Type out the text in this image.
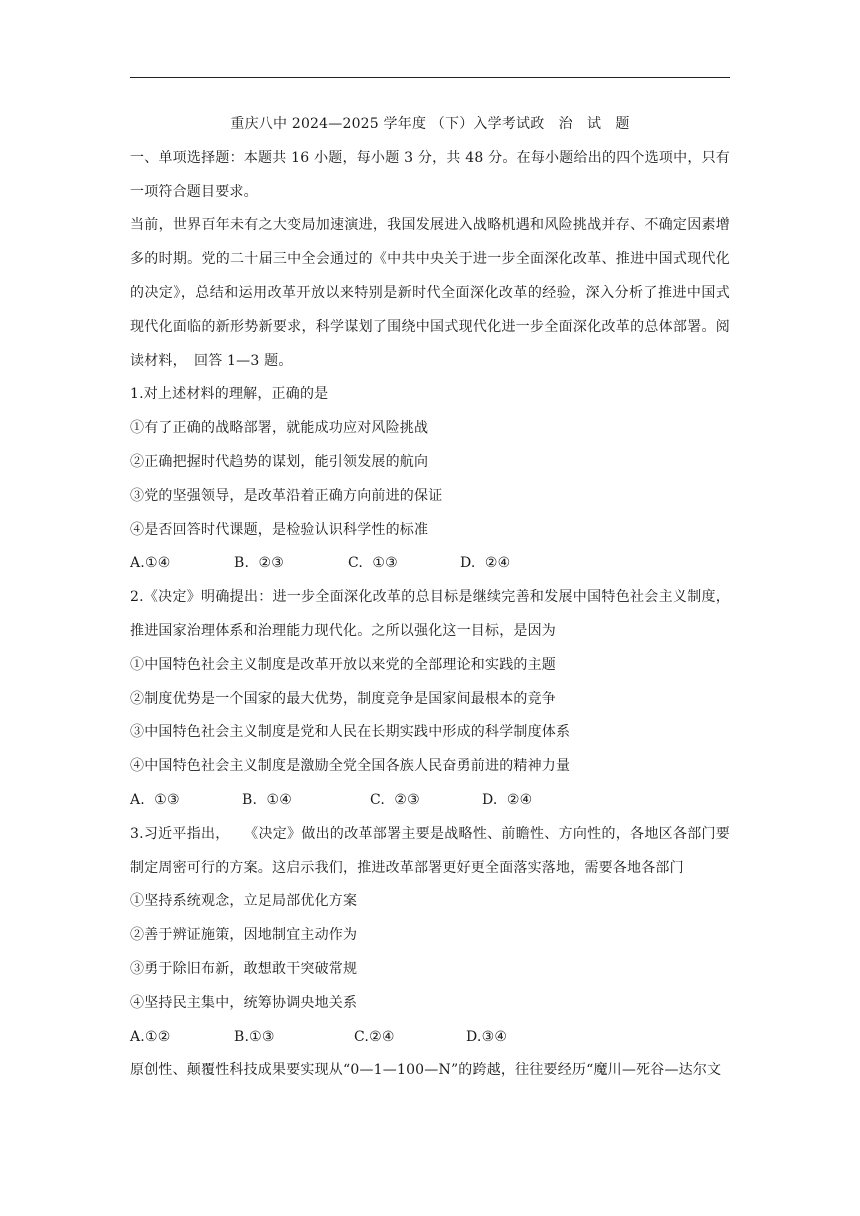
重庆八中 2024—2025 学年度 （下）入学考试政　治　试　题
一、单项选择题：本题共 16 小题，每小题 3 分，共 48 分。在每小题给出的四个选项中，只有一项符合题目要求。
当前，世界百年未有之大变局加速演进，我国发展进入战略机遇和风险挑战并存、不确定因素增多的时期。党的二十届三中全会通过的《中共中央关于进一步全面深化改革、推进中国式现代化的决定》，总结和运用改革开放以来特别是新时代全面深化改革的经验，深入分析了推进中国式现代化面临的新形势新要求，科学谋划了围绕中国式现代化进一步全面深化改革的总体部署。阅读材料，　回答 1—3 题。
1.对上述材料的理解，正确的是
①有了正确的战略部署，就能成功应对风险挑战
②正确把握时代趋势的谋划，能引领发展的航向
③党的坚强领导，是改革沿着正确方向前进的保证
④是否回答时代课题，是检验认识科学性的标准
A.①④	B.  ②③	C.  ①③	D.  ②④
2.《决定》明确提出：进一步全面深化改革的总目标是继续完善和发展中国特色社会主义制度，推进国家治理体系和治理能力现代化。之所以强化这一目标，是因为
①中国特色社会主义制度是改革开放以来党的全部理论和实践的主题
②制度优势是一个国家的最大优势，制度竞争是国家间最根本的竞争
③中国特色社会主义制度是党和人民在长期实践中形成的科学制度体系
④中国特色社会主义制度是激励全党全国各族人民奋勇前进的精神力量
A.  ①③	B.  ①④	C.  ②③	D.  ②④
3.习近平指出，　　《决定》做出的改革部署主要是战略性、前瞻性、方向性的，各地区各部门要制定周密可行的方案。这启示我们，推进改革部署更好更全面落实落地，需要各地各部门
①坚持系统观念，立足局部优化方案
②善于辨证施策，因地制宜主动作为
③勇于除旧布新，敢想敢干突破常规
④坚持民主集中，统筹协调央地关系
A.①②	B.①③	C.②④	D.③④
原创性、颠覆性科技成果要实现从“0—1—100—N”的跨越，往往要经历“魔川—死谷—达尔文
